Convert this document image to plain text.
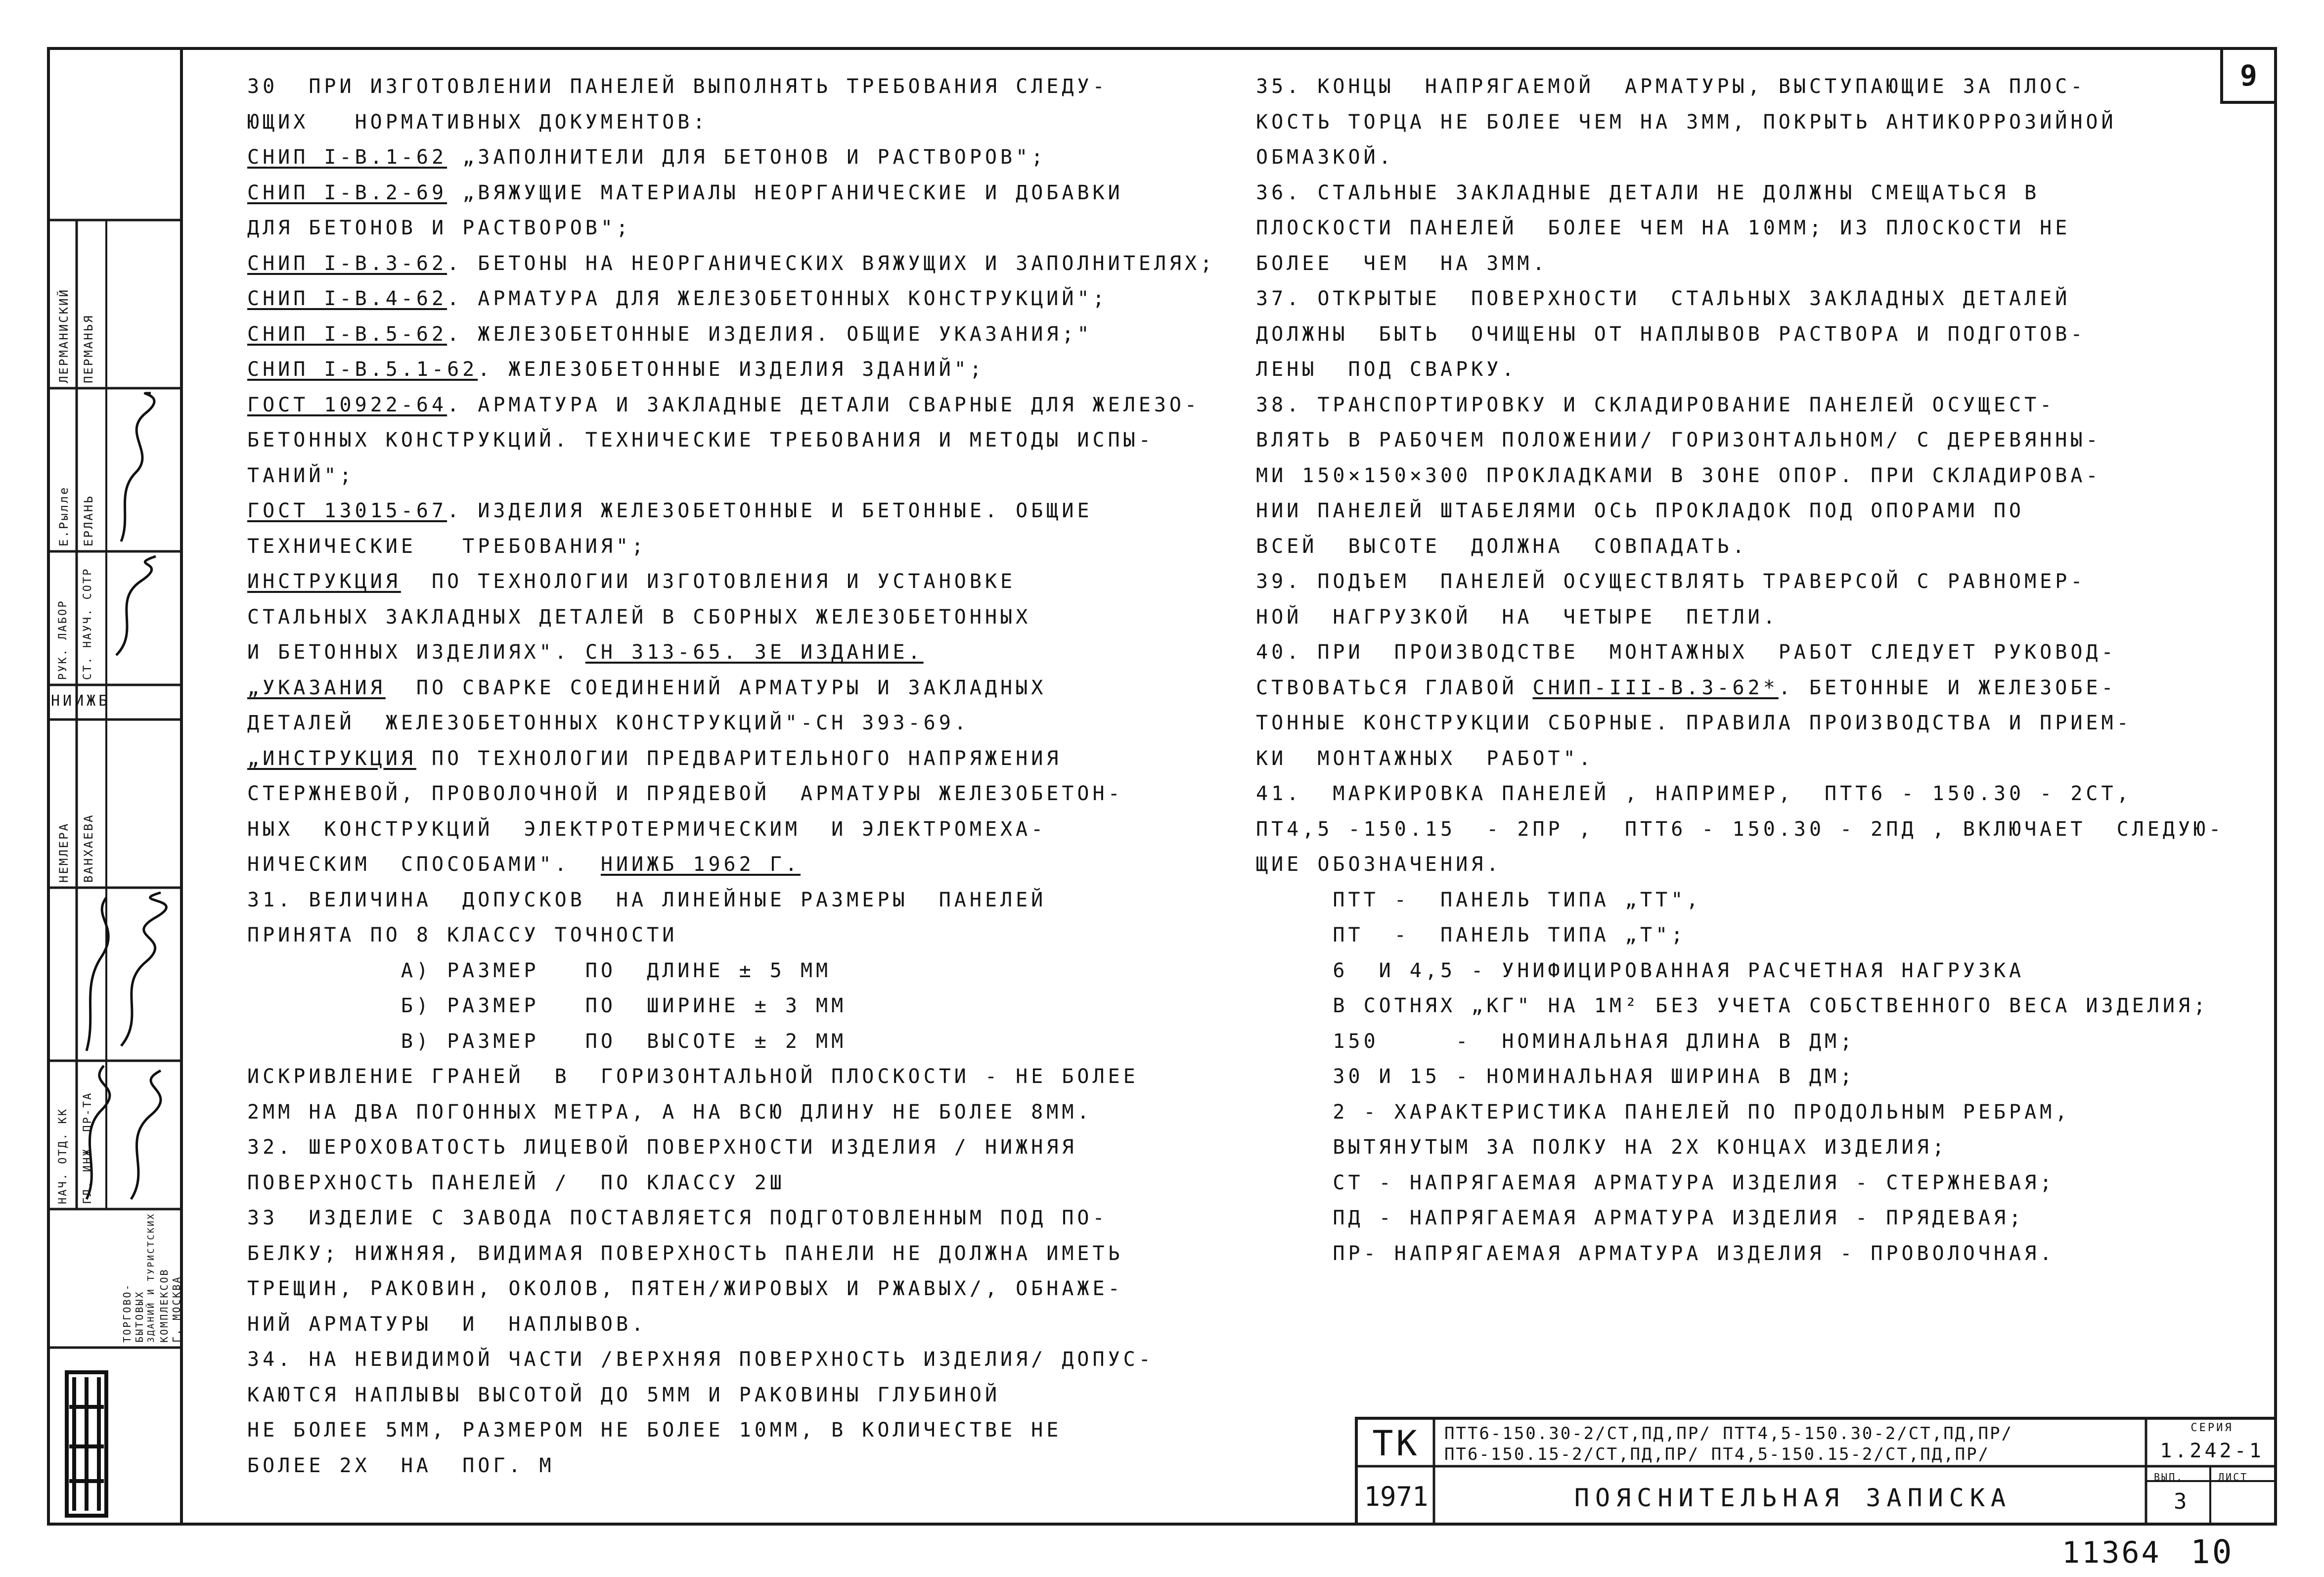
9
ЛЕРМАНИСКИЙ ПЕРМАНЬЯ
Е.Рылле ЕРЛАНЬ
РУК. ЛАБОР СТ. НАУЧ. СОТР
НИИЖБ
НЕМЛЕРА ВАНХАЕВА
НАЧ. ОТД. КК ГЛ. ИНЖ. ПР-ТА
ТОРГОВО- БЫТОВЫХ ЗДАНИЙ И ТУРИСТСКИХ КОМПЛЕКСОВ Г. МОСКВА
30  ПРИ ИЗГОТОВЛЕНИИ ПАНЕЛЕЙ ВЫПОЛНЯТЬ ТРЕБОВАНИЯ СЛЕДУ-
ЮЩИХ   НОРМАТИВНЫХ ДОКУМЕНТОВ:
СНИП I-В.1-62 „ЗАПОЛНИТЕЛИ ДЛЯ БЕТОНОВ И РАСТВОРОВ";
СНИП I-В.2-69 „ВЯЖУЩИЕ МАТЕРИАЛЫ НЕОРГАНИЧЕСКИЕ И ДОБАВКИ
ДЛЯ БЕТОНОВ И РАСТВОРОВ";
СНИП I-В.3-62. БЕТОНЫ НА НЕОРГАНИЧЕСКИХ ВЯЖУЩИХ И ЗАПОЛНИТЕЛЯХ;
СНИП I-В.4-62. АРМАТУРА ДЛЯ ЖЕЛЕЗОБЕТОННЫХ КОНСТРУКЦИЙ";
СНИП I-В.5-62. ЖЕЛЕЗОБЕТОННЫЕ ИЗДЕЛИЯ. ОБЩИЕ УКАЗАНИЯ;"
СНИП I-В.5.1-62. ЖЕЛЕЗОБЕТОННЫЕ ИЗДЕЛИЯ ЗДАНИЙ";
ГОСТ 10922-64. АРМАТУРА И ЗАКЛАДНЫЕ ДЕТАЛИ СВАРНЫЕ ДЛЯ ЖЕЛЕЗО-
БЕТОННЫХ КОНСТРУКЦИЙ. ТЕХНИЧЕСКИЕ ТРЕБОВАНИЯ И МЕТОДЫ ИСПЫ-
ТАНИЙ";
ГОСТ 13015-67. ИЗДЕЛИЯ ЖЕЛЕЗОБЕТОННЫЕ И БЕТОННЫЕ. ОБЩИЕ
ТЕХНИЧЕСКИЕ   ТРЕБОВАНИЯ";
ИНСТРУКЦИЯ  ПО ТЕХНОЛОГИИ ИЗГОТОВЛЕНИЯ И УСТАНОВКЕ
СТАЛЬНЫХ ЗАКЛАДНЫХ ДЕТАЛЕЙ В СБОРНЫХ ЖЕЛЕЗОБЕТОННЫХ
И БЕТОННЫХ ИЗДЕЛИЯХ". СН 313-65. 3Е ИЗДАНИЕ.
„УКАЗАНИЯ  ПО СВАРКЕ СОЕДИНЕНИЙ АРМАТУРЫ И ЗАКЛАДНЫХ
ДЕТАЛЕЙ  ЖЕЛЕЗОБЕТОННЫХ КОНСТРУКЦИЙ"-СН 393-69.
„ИНСТРУКЦИЯ ПО ТЕХНОЛОГИИ ПРЕДВАРИТЕЛЬНОГО НАПРЯЖЕНИЯ
СТЕРЖНЕВОЙ, ПРОВОЛОЧНОЙ И ПРЯДЕВОЙ  АРМАТУРЫ ЖЕЛЕЗОБЕТОН-
НЫХ  КОНСТРУКЦИЙ  ЭЛЕКТРОТЕРМИЧЕСКИМ  И ЭЛЕКТРОМЕХА-
НИЧЕСКИМ  СПОСОБАМИ".  НИИЖБ 1962 Г.
31. ВЕЛИЧИНА  ДОПУСКОВ  НА ЛИНЕЙНЫЕ РАЗМЕРЫ  ПАНЕЛЕЙ
ПРИНЯТА ПО 8 КЛАССУ ТОЧНОСТИ
А) РАЗМЕР   ПО  ДЛИНЕ ± 5 ММ
Б) РАЗМЕР   ПО  ШИРИНЕ ± 3 ММ
В) РАЗМЕР   ПО  ВЫСОТЕ ± 2 ММ
ИСКРИВЛЕНИЕ ГРАНЕЙ  В  ГОРИЗОНТАЛЬНОЙ ПЛОСКОСТИ - НЕ БОЛЕЕ
2ММ НА ДВА ПОГОННЫХ МЕТРА, А НА ВСЮ ДЛИНУ НЕ БОЛЕЕ 8ММ.
32. ШЕРОХОВАТОСТЬ ЛИЦЕВОЙ ПОВЕРХНОСТИ ИЗДЕЛИЯ / НИЖНЯЯ
ПОВЕРХНОСТЬ ПАНЕЛЕЙ /  ПО КЛАССУ 2Ш
33  ИЗДЕЛИЕ С ЗАВОДА ПОСТАВЛЯЕТСЯ ПОДГОТОВЛЕННЫМ ПОД ПО-
БЕЛКУ; НИЖНЯЯ, ВИДИМАЯ ПОВЕРХНОСТЬ ПАНЕЛИ НЕ ДОЛЖНА ИМЕТЬ
ТРЕЩИН, РАКОВИН, ОКОЛОВ, ПЯТЕН/ЖИРОВЫХ И РЖАВЫХ/, ОБНАЖЕ-
НИЙ АРМАТУРЫ  И  НАПЛЫВОВ.
34. НА НЕВИДИМОЙ ЧАСТИ /ВЕРХНЯЯ ПОВЕРХНОСТЬ ИЗДЕЛИЯ/ ДОПУС-
КАЮТСЯ НАПЛЫВЫ ВЫСОТОЙ ДО 5ММ И РАКОВИНЫ ГЛУБИНОЙ
НЕ БОЛЕЕ 5ММ, РАЗМЕРОМ НЕ БОЛЕЕ 10ММ, В КОЛИЧЕСТВЕ НЕ
БОЛЕЕ 2Х  НА  ПОГ. М
35. КОНЦЫ  НАПРЯГАЕМОЙ  АРМАТУРЫ, ВЫСТУПАЮЩИЕ ЗА ПЛОС-
КОСТЬ ТОРЦА НЕ БОЛЕЕ ЧЕМ НА 3ММ, ПОКРЫТЬ АНТИКОРРОЗИЙНОЙ
ОБМАЗКОЙ.
36. СТАЛЬНЫЕ ЗАКЛАДНЫЕ ДЕТАЛИ НЕ ДОЛЖНЫ СМЕЩАТЬСЯ В
ПЛОСКОСТИ ПАНЕЛЕЙ  БОЛЕЕ ЧЕМ НА 10ММ; ИЗ ПЛОСКОСТИ НЕ
БОЛЕЕ  ЧЕМ  НА 3ММ.
37. ОТКРЫТЫЕ  ПОВЕРХНОСТИ  СТАЛЬНЫХ ЗАКЛАДНЫХ ДЕТАЛЕЙ
ДОЛЖНЫ  БЫТЬ  ОЧИЩЕНЫ ОТ НАПЛЫВОВ РАСТВОРА И ПОДГОТОВ-
ЛЕНЫ  ПОД СВАРКУ.
38. ТРАНСПОРТИРОВКУ И СКЛАДИРОВАНИЕ ПАНЕЛЕЙ ОСУЩЕСТ-
ВЛЯТЬ В РАБОЧЕМ ПОЛОЖЕНИИ/ ГОРИЗОНТАЛЬНОМ/ С ДЕРЕВЯННЫ-
МИ 150×150×300 ПРОКЛАДКАМИ В ЗОНЕ ОПОР. ПРИ СКЛАДИРОВА-
НИИ ПАНЕЛЕЙ ШТАБЕЛЯМИ ОСЬ ПРОКЛАДОК ПОД ОПОРАМИ ПО
ВСЕЙ  ВЫСОТЕ  ДОЛЖНА  СОВПАДАТЬ.
39. ПОДЪЕМ  ПАНЕЛЕЙ ОСУЩЕСТВЛЯТЬ ТРАВЕРСОЙ С РАВНОМЕР-
НОЙ  НАГРУЗКОЙ  НА  ЧЕТЫРЕ  ПЕТЛИ.
40. ПРИ  ПРОИЗВОДСТВЕ  МОНТАЖНЫХ  РАБОТ СЛЕДУЕТ РУКОВОД-
СТВОВАТЬСЯ ГЛАВОЙ СНИП-III-В.3-62*. БЕТОННЫЕ И ЖЕЛЕЗОБЕ-
ТОННЫЕ КОНСТРУКЦИИ СБОРНЫЕ. ПРАВИЛА ПРОИЗВОДСТВА И ПРИЕМ-
КИ  МОНТАЖНЫХ  РАБОТ".
41.  МАРКИРОВКА ПАНЕЛЕЙ , НАПРИМЕР,  ПТТ6 - 150.30 - 2СТ,
ПТ4,5 -150.15  - 2ПР ,  ПТТ6 - 150.30 - 2ПД , ВКЛЮЧАЕТ  СЛЕДУЮ-
ЩИЕ ОБОЗНАЧЕНИЯ.
ПТТ -  ПАНЕЛЬ ТИПА „ТТ",
ПТ  -  ПАНЕЛЬ ТИПА „Т";
6  И 4,5 - УНИФИЦИРОВАННАЯ РАСЧЕТНАЯ НАГРУЗКА
В СОТНЯХ „КГ" НА 1М² БЕЗ УЧЕТА СОБСТВЕННОГО ВЕСА ИЗДЕЛИЯ;
150     -  НОМИНАЛЬНАЯ ДЛИНА В ДМ;
30 И 15 - НОМИНАЛЬНАЯ ШИРИНА В ДМ;
2 - ХАРАКТЕРИСТИКА ПАНЕЛЕЙ ПО ПРОДОЛЬНЫМ РЕБРАМ,
ВЫТЯНУТЫМ ЗА ПОЛКУ НА 2Х КОНЦАХ ИЗДЕЛИЯ;
СТ - НАПРЯГАЕМАЯ АРМАТУРА ИЗДЕЛИЯ - СТЕРЖНЕВАЯ;
ПД - НАПРЯГАЕМАЯ АРМАТУРА ИЗДЕЛИЯ - ПРЯДЕВАЯ;
ПР- НАПРЯГАЕМАЯ АРМАТУРА ИЗДЕЛИЯ - ПРОВОЛОЧНАЯ.
ТК
1971
ПТТ6-150.30-2/СТ,ПД,ПР/ ПТТ4,5-150.30-2/СТ,ПД,ПР/
ПТ6-150.15-2/СТ,ПД,ПР/ ПТ4,5-150.15-2/СТ,ПД,ПР/
СЕРИЯ
1.242-1
ВЫП.
3
ЛИСТ
ПОЯСНИТЕЛЬНАЯ ЗАПИСКА
11364 10
